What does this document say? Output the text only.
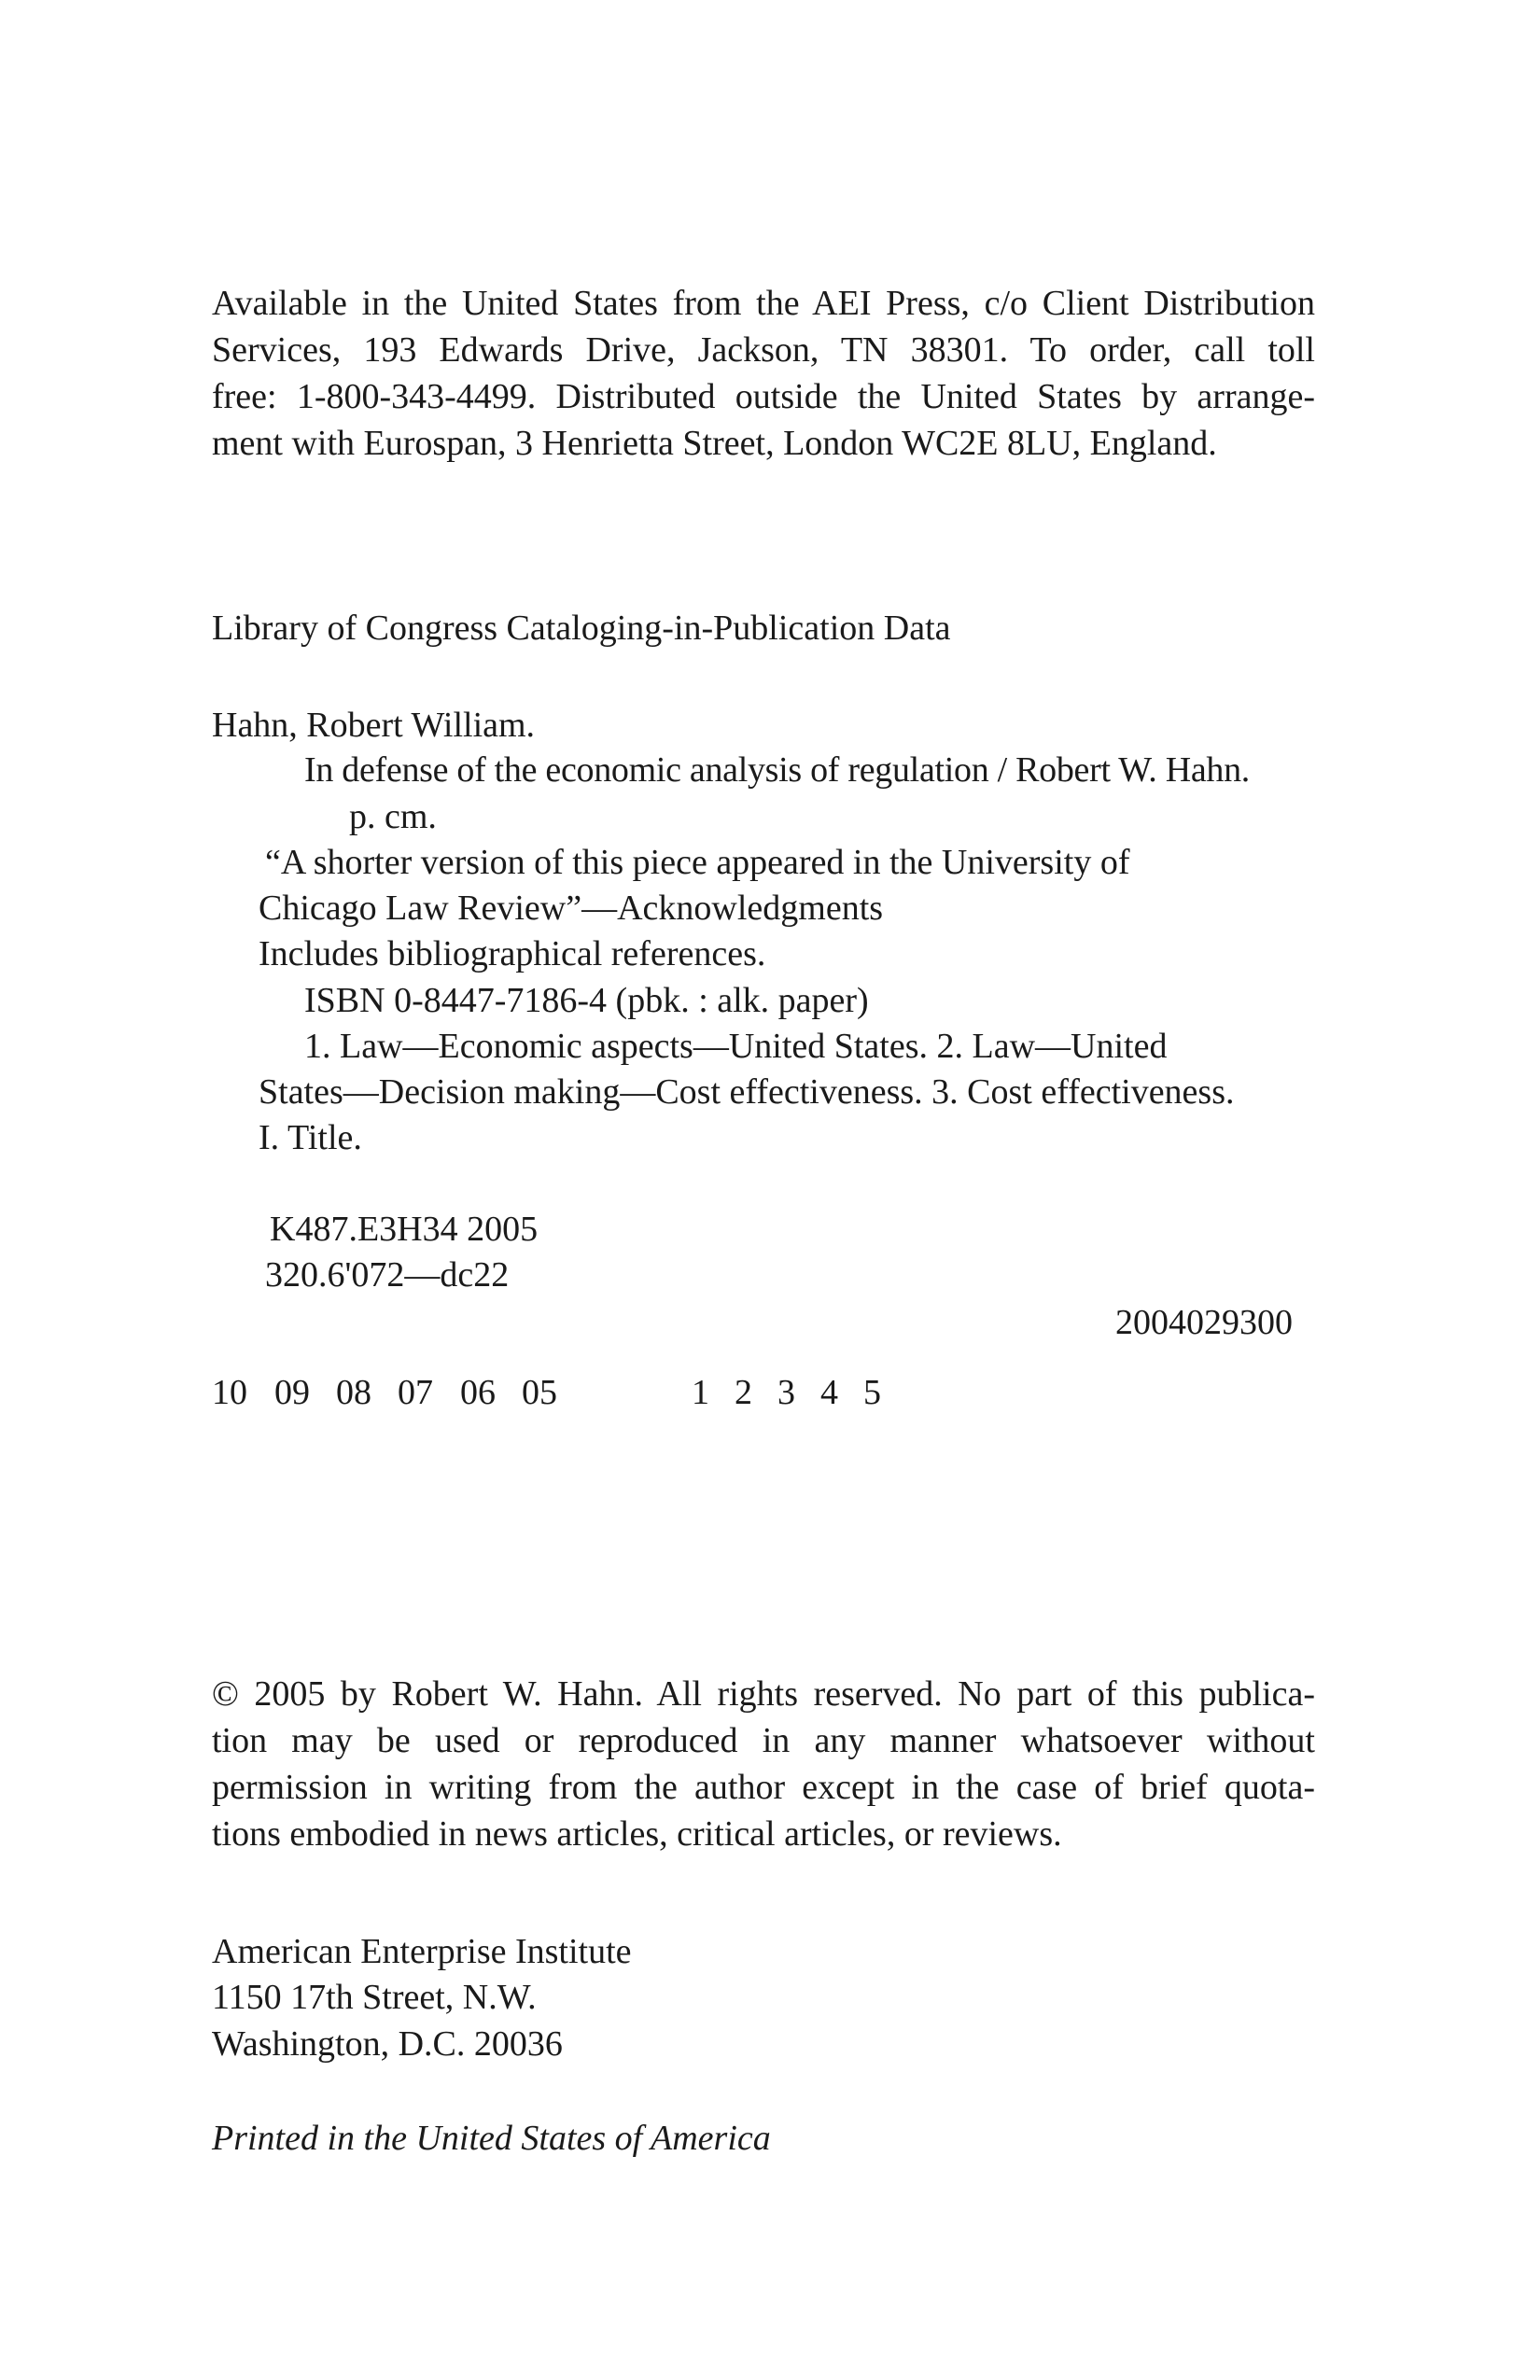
Available in the United States from the AEI Press, c/o Client Distribution
Services, 193 Edwards Drive, Jackson, TN 38301. To order, call toll
free: 1-800-343-4499. Distributed outside the United States by arrange-
ment with Eurospan, 3 Henrietta Street, London WC2E 8LU, England.
Library of Congress Cataloging-in-Publication Data
Hahn, Robert William.
In defense of the economic analysis of regulation / Robert W. Hahn.
p. cm.
“A shorter version of this piece appeared in the University of
Chicago Law Review”—Acknowledgments
Includes bibliographical references.
ISBN 0-8447-7186-4 (pbk. : alk. paper)
1. Law—Economic aspects—United States. 2. Law—United
States—Decision making—Cost effectiveness. 3. Cost effectiveness.
I. Title.
K487.E3H34 2005
320.6'072—dc22
2004029300
10 09 08 07 06 05	1 2 3 4 5
© 2005 by Robert W. Hahn. All rights reserved. No part of this publica-
tion may be used or reproduced in any manner whatsoever without
permission in writing from the author except in the case of brief quota-
tions embodied in news articles, critical articles, or reviews.
American Enterprise Institute
1150 17th Street, N.W.
Washington, D.C. 20036
Printed in the United States of America
